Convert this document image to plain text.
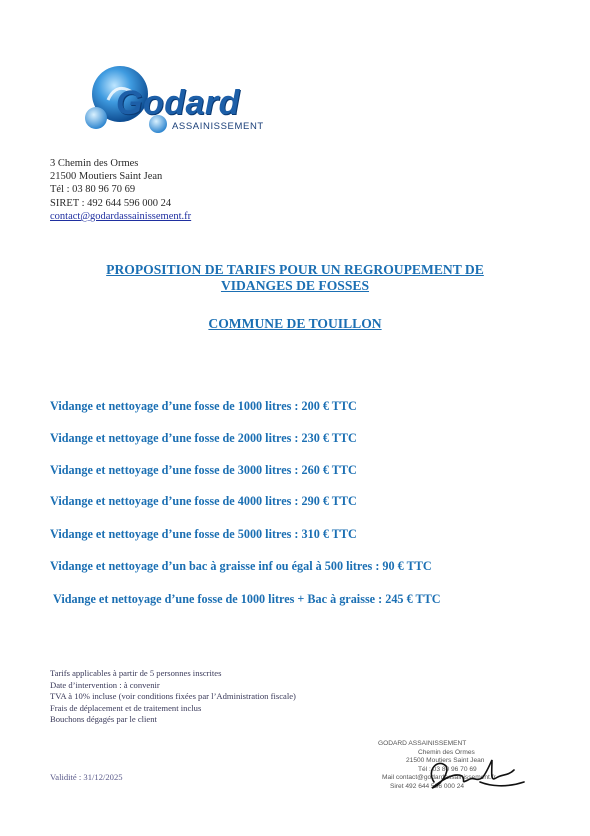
Godard
ASSAINISSEMENT
3 Chemin des Ormes
21500 Moutiers Saint Jean
Tél : 03 80 96 70 69
SIRET : 492 644 596 000 24
contact@godardassainissement.fr
PROPOSITION DE TARIFS POUR UN REGROUPEMENT DE
VIDANGES DE FOSSES
COMMUNE DE TOUILLON
Vidange et nettoyage d’une fosse de 1000 litres : 200 € TTC
Vidange et nettoyage d’une fosse de 2000 litres : 230 € TTC
Vidange et nettoyage d’une fosse de 3000 litres : 260 € TTC
Vidange et nettoyage d’une fosse de 4000 litres : 290 € TTC
Vidange et nettoyage d’une fosse de 5000 litres : 310 € TTC
Vidange et nettoyage d’un bac à graisse inf ou égal à 500 litres : 90 € TTC
Vidange et nettoyage d’une fosse de 1000 litres + Bac à graisse : 245 € TTC
Tarifs applicables à partir de 5 personnes inscrites
Date d’intervention : à convenir
TVA à 10% incluse (voir conditions fixées par l’Administration fiscale)
Frais de déplacement et de traitement inclus
Bouchons dégagés par le client
Validité : 31/12/2025
GODARD ASSAINISSEMENT
Chemin des Ormes
21500 Moutiers Saint Jean
Tél : 03 80 96 70 69
Mail contact@godardassainissement.fr
Siret 492 644 596 000 24
